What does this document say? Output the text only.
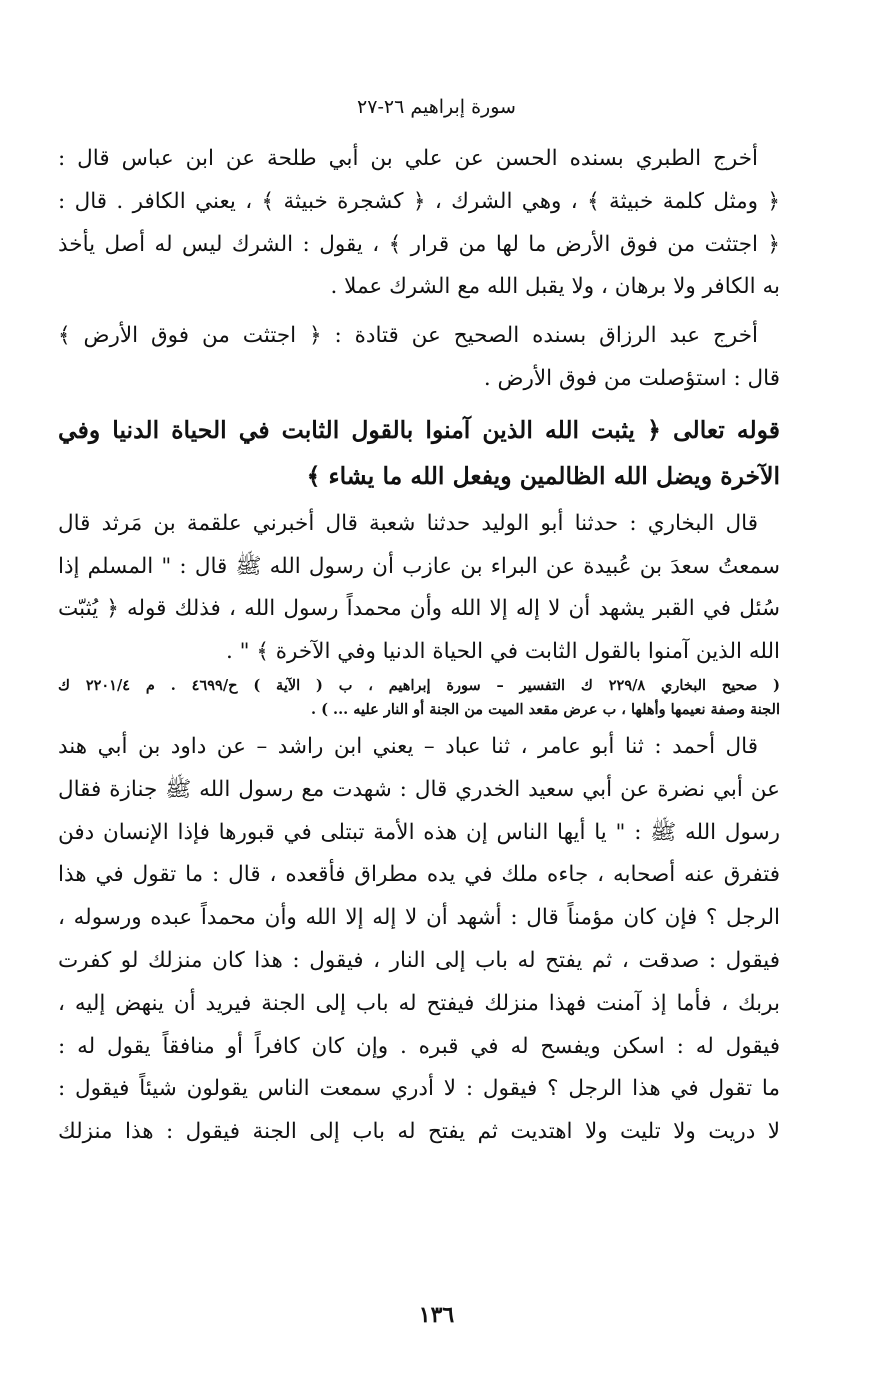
سورة إبراهيم ٢٦-٢٧
أخرج الطبري بسنده الحسن عن علي بن أبي طلحة عن ابن عباس قال :
﴿ ومثل كلمة خبيثة ﴾ ، وهي الشرك ، ﴿ كشجرة خبيثة ﴾ ، يعني الكافر . قال :
﴿ اجتثت من فوق الأرض ما لها من قرار ﴾ ، يقول : الشرك ليس له أصل يأخذ
به الكافر ولا برهان ، ولا يقبل الله مع الشرك عملا .
أخرج عبد الرزاق بسنده الصحيح عن قتادة : ﴿ اجتثت من فوق الأرض ﴾
قال : استؤصلت من فوق الأرض .
قوله تعالى ﴿ يثبت الله الذين آمنوا بالقول الثابت في الحياة الدنيا وفي
الآخرة ويضل الله الظالمين ويفعل الله ما يشاء ﴾
قال البخاري : حدثنا أبو الوليد حدثنا شعبة قال أخبرني علقمة بن مَرثد قال
سمعتُ سعدَ بن عُبيدة عن البراء بن عازب أن رسول الله ﷺ قال : " المسلم إذا
سُئل في القبر يشهد أن لا إله إلا الله وأن محمداً رسول الله ، فذلك قوله ﴿ يُثبّت
الله الذين آمنوا بالقول الثابت في الحياة الدنيا وفي الآخرة ﴾ " .
( صحيح البخاري ٢٢٩/٨ ك التفسير – سورة إبراهيم ، ب ( الآية ) ح/٤٦٩٩ . م ٢٢٠١/٤ ك
الجنة وصفة نعيمها وأهلها ، ب عرض مقعد الميت من الجنة أو النار عليه ... ) .
قال أحمد : ثنا أبو عامر ، ثنا عباد – يعني ابن راشد – عن داود بن أبي هند
عن أبي نضرة عن أبي سعيد الخدري قال : شهدت مع رسول الله ﷺ جنازة فقال
رسول الله ﷺ : " يا أيها الناس إن هذه الأمة تبتلى في قبورها فإذا الإنسان دفن
فتفرق عنه أصحابه ، جاءه ملك في يده مطراق فأقعده ، قال : ما تقول في هذا
الرجل ؟ فإن كان مؤمناً قال : أشهد أن لا إله إلا الله وأن محمداً عبده ورسوله ،
فيقول : صدقت ، ثم يفتح له باب إلى النار ، فيقول : هذا كان منزلك لو كفرت
بربك ، فأما إذ آمنت فهذا منزلك فيفتح له باب إلى الجنة فيريد أن ينهض إليه ،
فيقول له : اسكن ويفسح له في قبره . وإن كان كافراً أو منافقاً يقول له :
ما تقول في هذا الرجل ؟ فيقول : لا أدري سمعت الناس يقولون شيئاً فيقول :
لا دريت ولا تليت ولا اهتديت ثم يفتح له باب إلى الجنة فيقول : هذا منزلك
١٣٦
